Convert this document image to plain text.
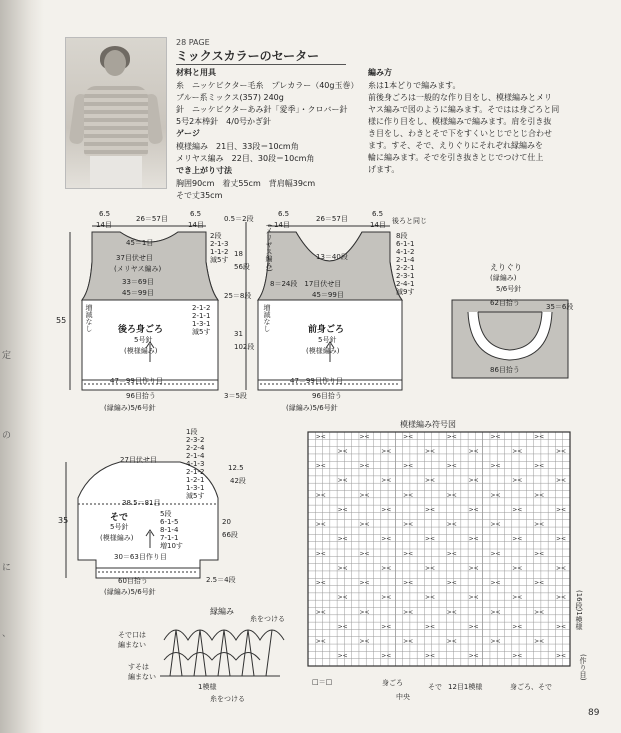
定
の
に
、
28 PAGE
ミックスカラーのセーター
材料と用具
糸　ニッケビクター毛糸　プレカラー（40g玉巻）
ブルー系ミックス(357) 240g
針　ニッケビクターあみ針「愛季」・クロバー針
5号2本棒針　4/0号かぎ針
ゲージ
模様編み　21目、33段＝10cm角
メリヤス編み　22目、30段＝10cm角
でき上がり寸法
胸囲90cm　着丈55cm　背肩幅39cm
そで丈35cm
編み方
糸は1本どりで編みます。
前後身ごろは一般的な作り目をし、模様編みとメリ
ヤス編みで図のように編みます。そではは身ごろと同
様に作り目をし、模様編みで編みます。肩を引き抜
き目をし、わきとそで下をすくいとじでとじ合わせ
ます。すそ、そで、えりぐりにそれぞれ縁編みを
輪に編みます。そでを引き抜きとじでつけて仕上
げます。
><	><	><	><	><	><
><	><	><	><	><	><
><	><	><	><	><	><
><	><	><	><	><	><
><	><	><	><	><	><
><	><	><	><	><	><
><	><	><	><	><	><
><	><	><	><	><	><
><	><	><	><	><	><
><	><	><	><	><	><
><	><	><	><	><	><
><	><	><	><	><	><
><	><	><	><	><	><
><	><	><	><	><	><
><	><	><	><	><	><
><	><	><	><	><	><
6.5
14目
26＝57目
6.5
14目
45＝1目
37目伏せ目
(メリヤス編み)
33＝69目
45＝99目
後ろ身ごろ
5号針
(模様編み)
47＝99目作り目
96目拾う
(縁編み)5/6号針
55	増減なし	2-1-2
2-1-1
1-3-1
減5す
2段
2-1-3
1-1-2
減5す
0.5＝2段
18
56段
25＝8段
31
102段
3＝5段
6.5
14目
26＝57目
6.5
14目 後ろと同じ
13＝40段
8＝24段　17目伏せ目
45＝99目
(メリヤス編み)
前身ごろ
5号針
(模様編み)
47＝99目作り目
96目拾う
(縁編み)5/6号針
増減なし
8段
6-1-1
4-1-2
2-1-4
2-2-1
2-3-1
2-4-1
減9す
えりぐり
(縁編み)
5/6号針
62目拾う	35＝6段
86目拾う
27目伏せ目
38.5＝81目
そで
5号針
(模様編み)
30＝63目作り目
60目拾う
(縁編み)5/6号針
35
1段
2-3-2
2-2-4
2-1-4
4-1-3
2-1-2
1-2-1
1-3-1
減5す
5段
6-1-5
8-1-4
7-1-1
増10す
12.5
42段
20
66段
2.5＝4段
縁編み
糸をつける
そで口は
編まない
すそは
編まない
1模様
糸をつける
模様編み符号図
(16段)1模様
(作り目)
12目1模様
中央
身ごろ	そで	身ごろ、そで
□＝□
89
